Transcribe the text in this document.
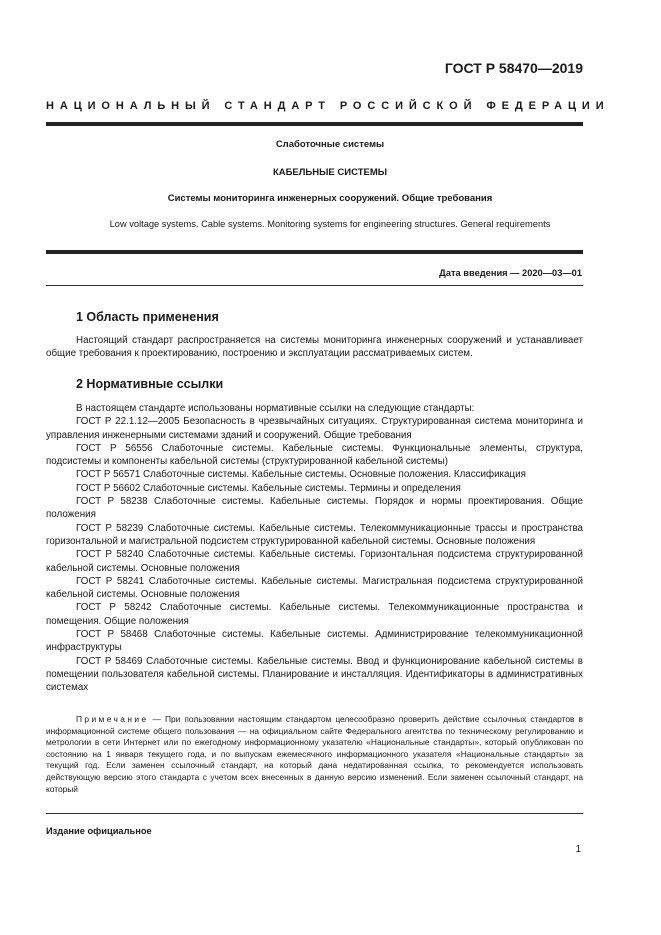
ГОСТ Р 58470—2019
НАЦИОНАЛЬНЫЙ СТАНДАРТ РОССИЙСКОЙ ФЕДЕРАЦИИ
Слаботочные системы
КАБЕЛЬНЫЕ СИСТЕМЫ
Системы мониторинга инженерных сооружений. Общие требования
Low voltage systems. Cable systems. Monitoring systems for engineering structures. General requirements
Дата введения — 2020—03—01
1 Область применения

Настоящий стандарт распространяется на системы мониторинга инженерных сооружений и устанавливает общие требования к проектированию, построению и эксплуатации рассматриваемых систем.

2 Нормативные ссылки

В настоящем стандарте использованы нормативные ссылки на следующие стандарты:

ГОСТ Р 22.1.12—2005 Безопасность в чрезвычайных ситуациях. Структурированная система мониторинга и управления инженерными системами зданий и сооружений. Общие требования

ГОСТ Р 56556 Слаботочные системы. Кабельные системы. Функциональные элементы, структура, подсистемы и компоненты кабельной системы (структурированной кабельной системы)

ГОСТ Р 56571 Слаботочные системы. Кабельные системы. Основные положения. Классификация

ГОСТ Р 56602 Слаботочные системы. Кабельные системы. Термины и определения

ГОСТ Р 58238 Слаботочные системы. Кабельные системы. Порядок и нормы проектирования. Общие положения

ГОСТ Р 58239 Слаботочные системы. Кабельные системы. Телекоммуникационные трассы и пространства горизонтальной и магистральной подсистем структурированной кабельной системы. Основные положения

ГОСТ Р 58240 Слаботочные системы. Кабельные системы. Горизонтальная подсистема структурированной кабельной системы. Основные положения

ГОСТ Р 58241 Слаботочные системы. Кабельные системы. Магистральная подсистема структурированной кабельной системы. Основные положения

ГОСТ Р 58242 Слаботочные системы. Кабельные системы. Телекоммуникационные пространства и помещения. Общие положения

ГОСТ Р 58468 Слаботочные системы. Кабельные системы. Администрирование телекоммуникационной инфраструктуры

ГОСТ Р 58469 Слаботочные системы. Кабельные системы. Ввод и функционирование кабельной системы в помещении пользователя кабельной системы. Планирование и инсталляция. Идентификаторы в административных системах

Примечание — При пользовании настоящим стандартом целесообразно проверить действие ссылочных стандартов в информационной системе общего пользования — на официальном сайте Федерального агентства по техническому регулированию и метрологии в сети Интернет или по ежегодному информационному указателю «Национальные стандарты», который опубликован по состоянию на 1 января текущего года, и по выпускам ежемесячного информационного указателя «Национальные стандарты» за текущий год. Если заменен ссылочный стандарт, на который дана недатированная ссылка, то рекомендуется использовать действующую версию этого стандарта с учетом всех внесенных в данную версию изменений. Если заменен ссылочный стандарт, на который
Издание официальное
1
